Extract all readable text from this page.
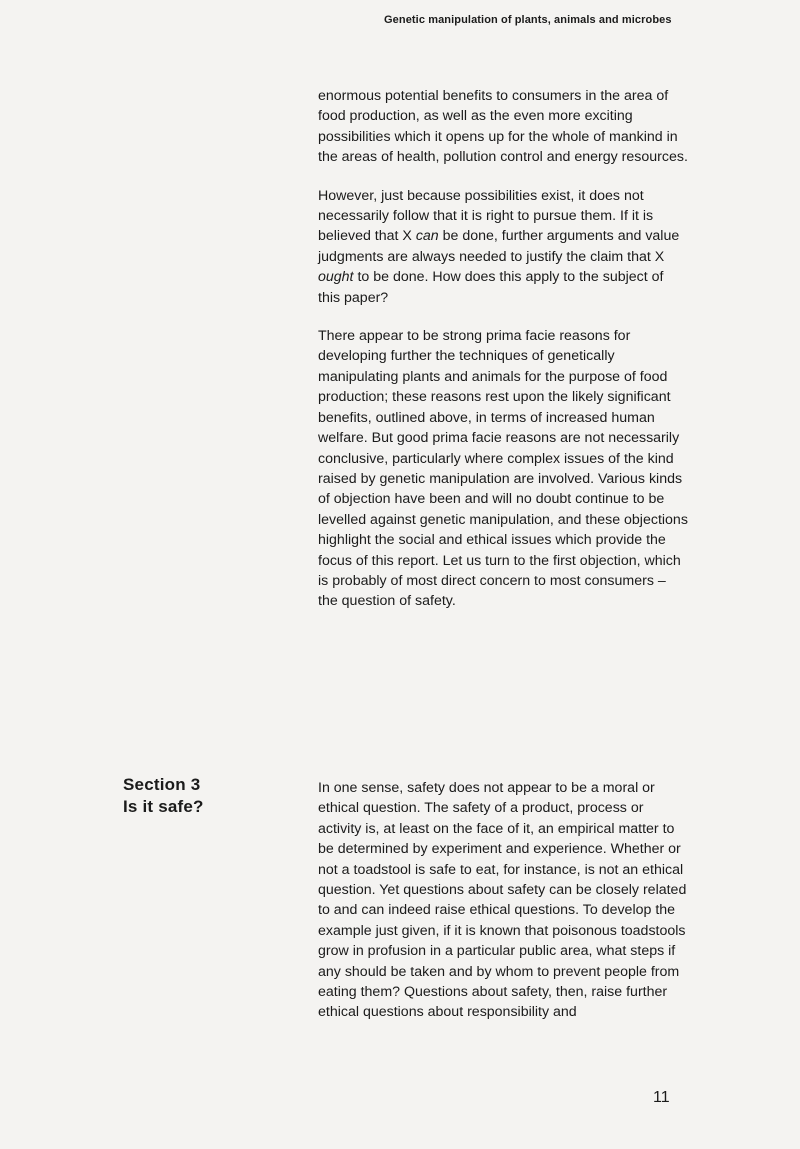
Genetic manipulation of plants, animals and microbes

enormous potential benefits to consumers in the area of food production, as well as the even more exciting possibilities which it opens up for the whole of mankind in the areas of health, pollution control and energy resources.

However, just because possibilities exist, it does not necessarily follow that it is right to pursue them. If it is believed that X can be done, further arguments and value judgments are always needed to justify the claim that X ought to be done. How does this apply to the subject of this paper?

There appear to be strong prima facie reasons for developing further the techniques of genetically manipulating plants and animals for the purpose of food production; these reasons rest upon the likely significant benefits, outlined above, in terms of increased human welfare. But good prima facie reasons are not necessarily conclusive, particularly where complex issues of the kind raised by genetic manipulation are involved. Various kinds of objection have been and will no doubt continue to be levelled against genetic manipulation, and these objections highlight the social and ethical issues which provide the focus of this report. Let us turn to the first objection, which is probably of most direct concern to most consumers – the question of safety.

Section 3
Is it safe?

In one sense, safety does not appear to be a moral or ethical question. The safety of a product, process or activity is, at least on the face of it, an empirical matter to be determined by experiment and experience. Whether or not a toadstool is safe to eat, for instance, is not an ethical question. Yet questions about safety can be closely related to and can indeed raise ethical questions. To develop the example just given, if it is known that poisonous toadstools grow in profusion in a particular public area, what steps if any should be taken and by whom to prevent people from eating them? Questions about safety, then, raise further ethical questions about responsibility and

11
